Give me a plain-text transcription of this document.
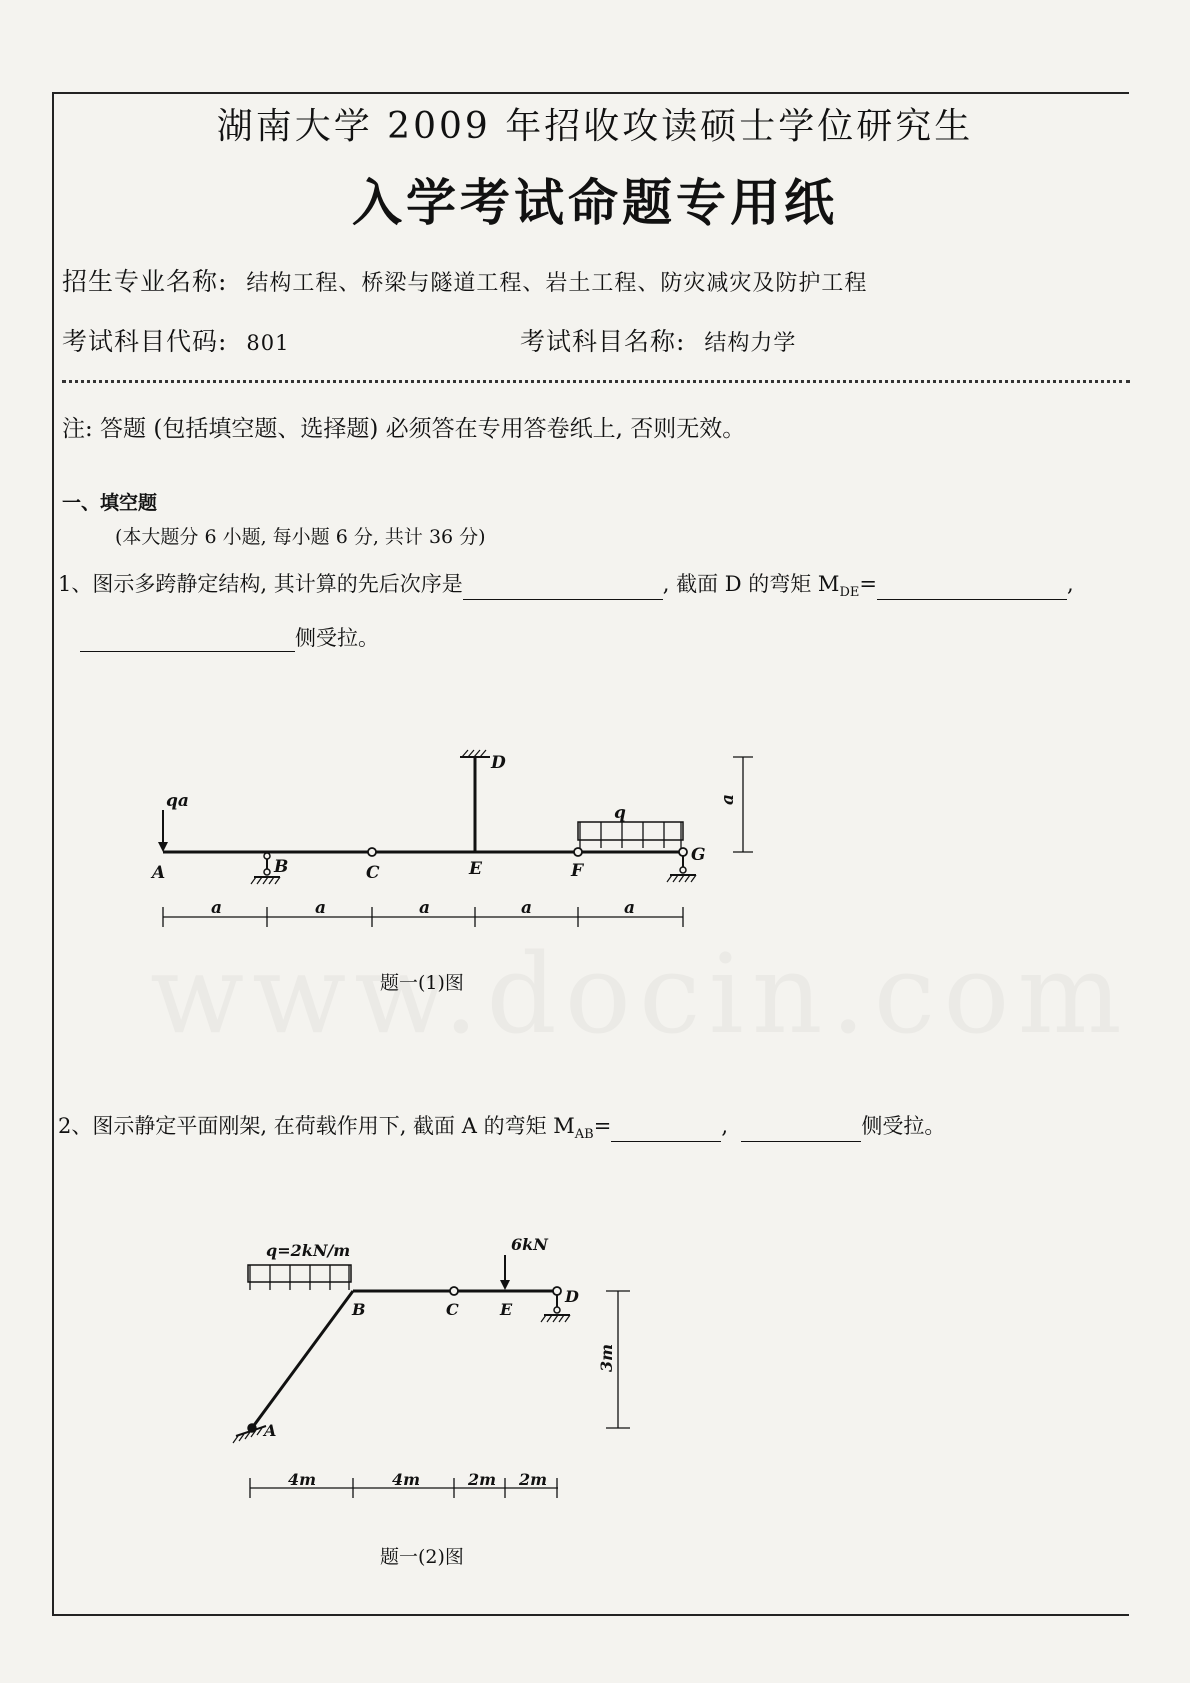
湖南大学 2009 年招收攻读硕士学位研究生
入学考试命题专用纸
招生专业名称: 结构工程、桥梁与隧道工程、岩土工程、防灾减灾及防护工程
考试科目代码: 801	考试科目名称: 结构力学
注: 答题 (包括填空题、选择题) 必须答在专用答卷纸上, 否则无效。
一、填空题
(本大题分 6 小题, 每小题 6 分, 共计 36 分)
1、图示多跨静定结构, 其计算的先后次序是	, 截面 D 的弯矩 $M_{DE}=$	,
侧受拉。
qa
q
A	B	C	E	F
G
D
a	a	a	a	a
a
q=2kN/m	6kN
A
B	C	E
D
4m	4m	2m 2m
3m
题一(1)图
2、图示静定平面刚架, 在荷载作用下, 截面 A 的弯矩 $M_{AB}=$	,	侧受拉。
题一(2)图
